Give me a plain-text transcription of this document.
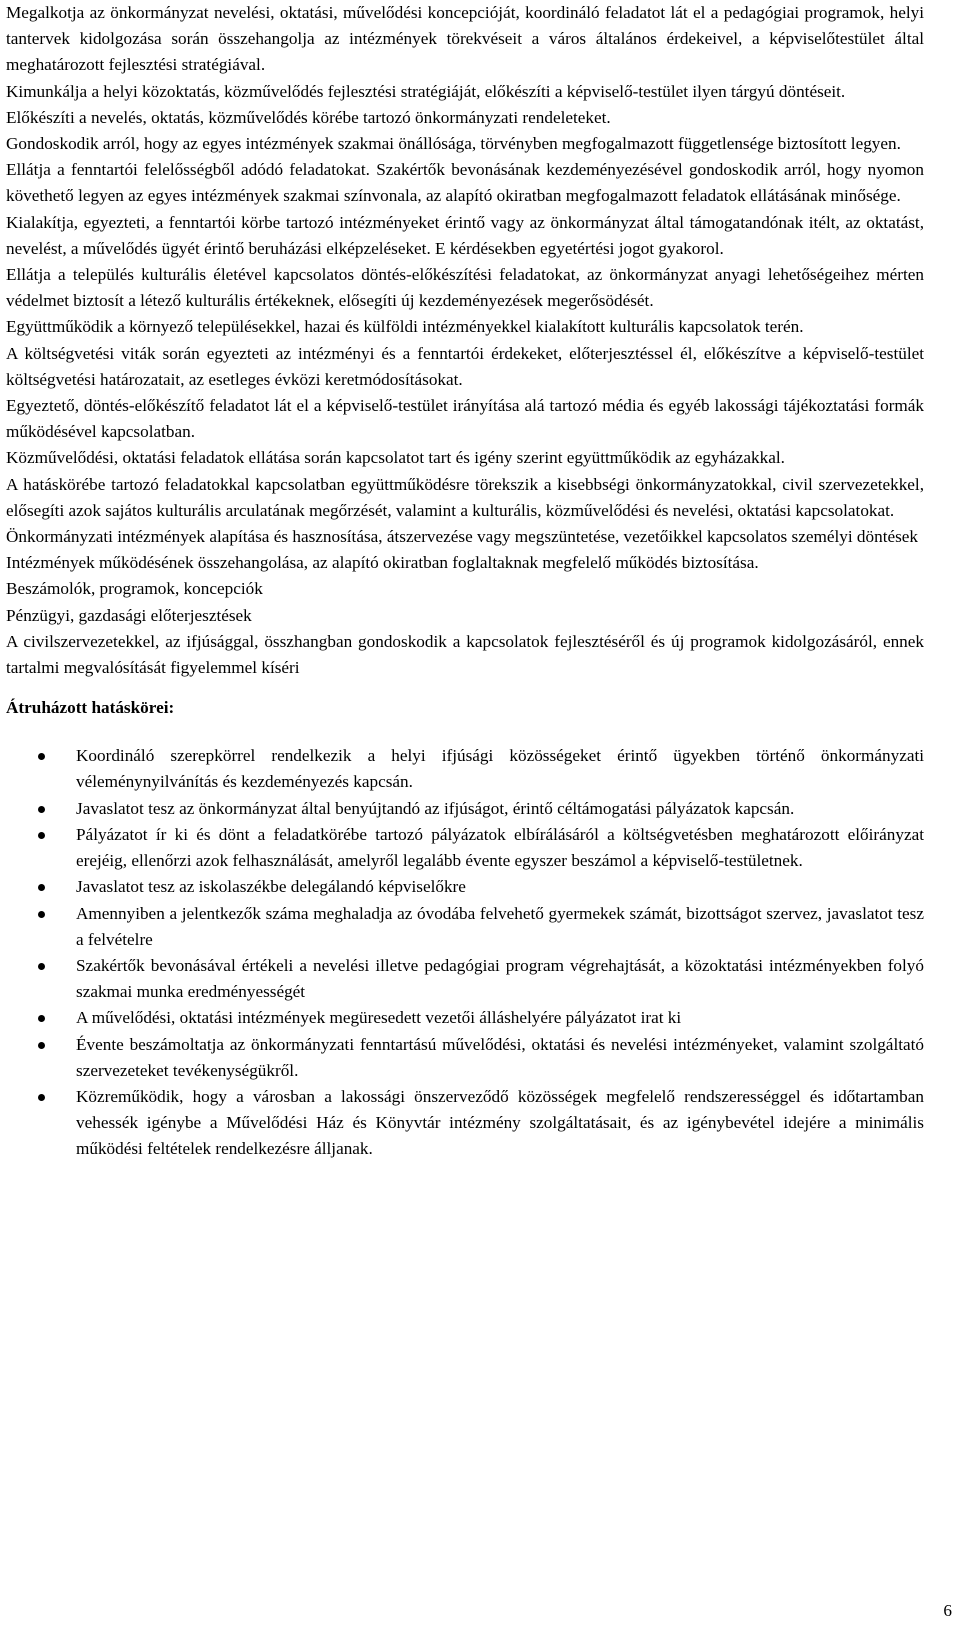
Megalkotja az önkormányzat nevelési, oktatási, művelődési koncepcióját, koordináló feladatot lát el a pedagógiai programok, helyi tantervek kidolgozása során összehangolja az intézmények törekvéseit a város általános érdekeivel, a képviselőtestület által meghatározott fejlesztési stratégiával.

Kimunkálja a helyi közoktatás, közművelődés fejlesztési stratégiáját, előkészíti a képviselő-testület ilyen tárgyú döntéseit.

Előkészíti a nevelés, oktatás, közművelődés körébe tartozó önkormányzati rendeleteket.

Gondoskodik arról, hogy az egyes intézmények szakmai önállósága, törvényben megfogalmazott függetlensége biztosított legyen.

Ellátja a fenntartói felelősségből adódó feladatokat. Szakértők bevonásának kezdeményezésével gondoskodik arról, hogy nyomon követhető legyen az egyes intézmények szakmai színvonala, az alapító okiratban megfogalmazott feladatok ellátásának minősége.

Kialakítja, egyezteti, a fenntartói körbe tartozó intézményeket érintő vagy az önkormányzat által támogatandónak itélt, az oktatást, nevelést, a művelődés ügyét érintő beruházási elképzeléseket. E kérdésekben egyetértési jogot gyakorol.

Ellátja a település kulturális életével kapcsolatos döntés-előkészítési feladatokat, az önkormányzat anyagi lehetőségeihez mérten védelmet biztosít a létező kulturális értékeknek, elősegíti új kezdeményezések megerősödését.

Együttműködik a környező településekkel, hazai és külföldi intézményekkel kialakított kulturális kapcsolatok terén.

A költségvetési viták során egyezteti az intézményi és a fenntartói érdekeket, előterjesztéssel él, előkészítve a képviselő-testület költségvetési határozatait, az esetleges évközi keretmódosításokat.

Egyeztető, döntés-előkészítő feladatot lát el a képviselő-testület irányítása alá tartozó média és egyéb lakossági tájékoztatási formák működésével kapcsolatban.

Közművelődési, oktatási feladatok ellátása során kapcsolatot tart és igény szerint együttműködik az egyházakkal.

A hatáskörébe tartozó feladatokkal kapcsolatban együttműködésre törekszik a kisebbségi önkormányzatokkal, civil szervezetekkel, elősegíti azok sajátos kulturális arculatának megőrzését, valamint a kulturális, közművelődési és nevelési, oktatási kapcsolatokat.

Önkormányzati intézmények alapítása és hasznosítása, átszervezése vagy megszüntetése, vezetőikkel kapcsolatos személyi döntések

Intézmények működésének összehangolása, az alapító okiratban foglaltaknak megfelelő működés biztosítása.

Beszámolók, programok, koncepciók

Pénzügyi, gazdasági előterjesztések

A civilszervezetekkel, az ifjúsággal, összhangban gondoskodik a kapcsolatok fejlesztéséről és új programok kidolgozásáról, ennek tartalmi megvalósítását figyelemmel kíséri

Átruházott hatáskörei:

Koordináló szerepkörrel rendelkezik a helyi ifjúsági közösségeket érintő ügyekben történő önkormányzati véleménynyilvánítás és kezdeményezés kapcsán.
Javaslatot tesz az önkormányzat által benyújtandó az ifjúságot, érintő céltámogatási pályázatok kapcsán.
Pályázatot ír ki és dönt a feladatkörébe tartozó pályázatok elbírálásáról a költségvetésben meghatározott előirányzat erejéig, ellenőrzi azok felhasználását, amelyről legalább évente egyszer beszámol a képviselő-testületnek.
Javaslatot tesz az iskolaszékbe delegálandó képviselőkre
Amennyiben a jelentkezők száma meghaladja az óvodába felvehető gyermekek számát, bizottságot szervez, javaslatot tesz a felvételre
Szakértők bevonásával értékeli a nevelési illetve pedagógiai program végrehajtását, a közoktatási intézményekben folyó szakmai munka eredményességét
A művelődési, oktatási intézmények megüresedett vezetői álláshelyére pályázatot irat ki
Évente beszámoltatja az önkormányzati fenntartású művelődési, oktatási és nevelési intézményeket, valamint szolgáltató szervezeteket tevékenységükről.
Közreműködik, hogy a városban a lakossági önszerveződő közösségek megfelelő rendszerességgel és időtartamban vehessék igénybe a Művelődési Ház és Könyvtár intézmény szolgáltatásait, és az igénybevétel idejére a minimális működési feltételek rendelkezésre álljanak.
6
